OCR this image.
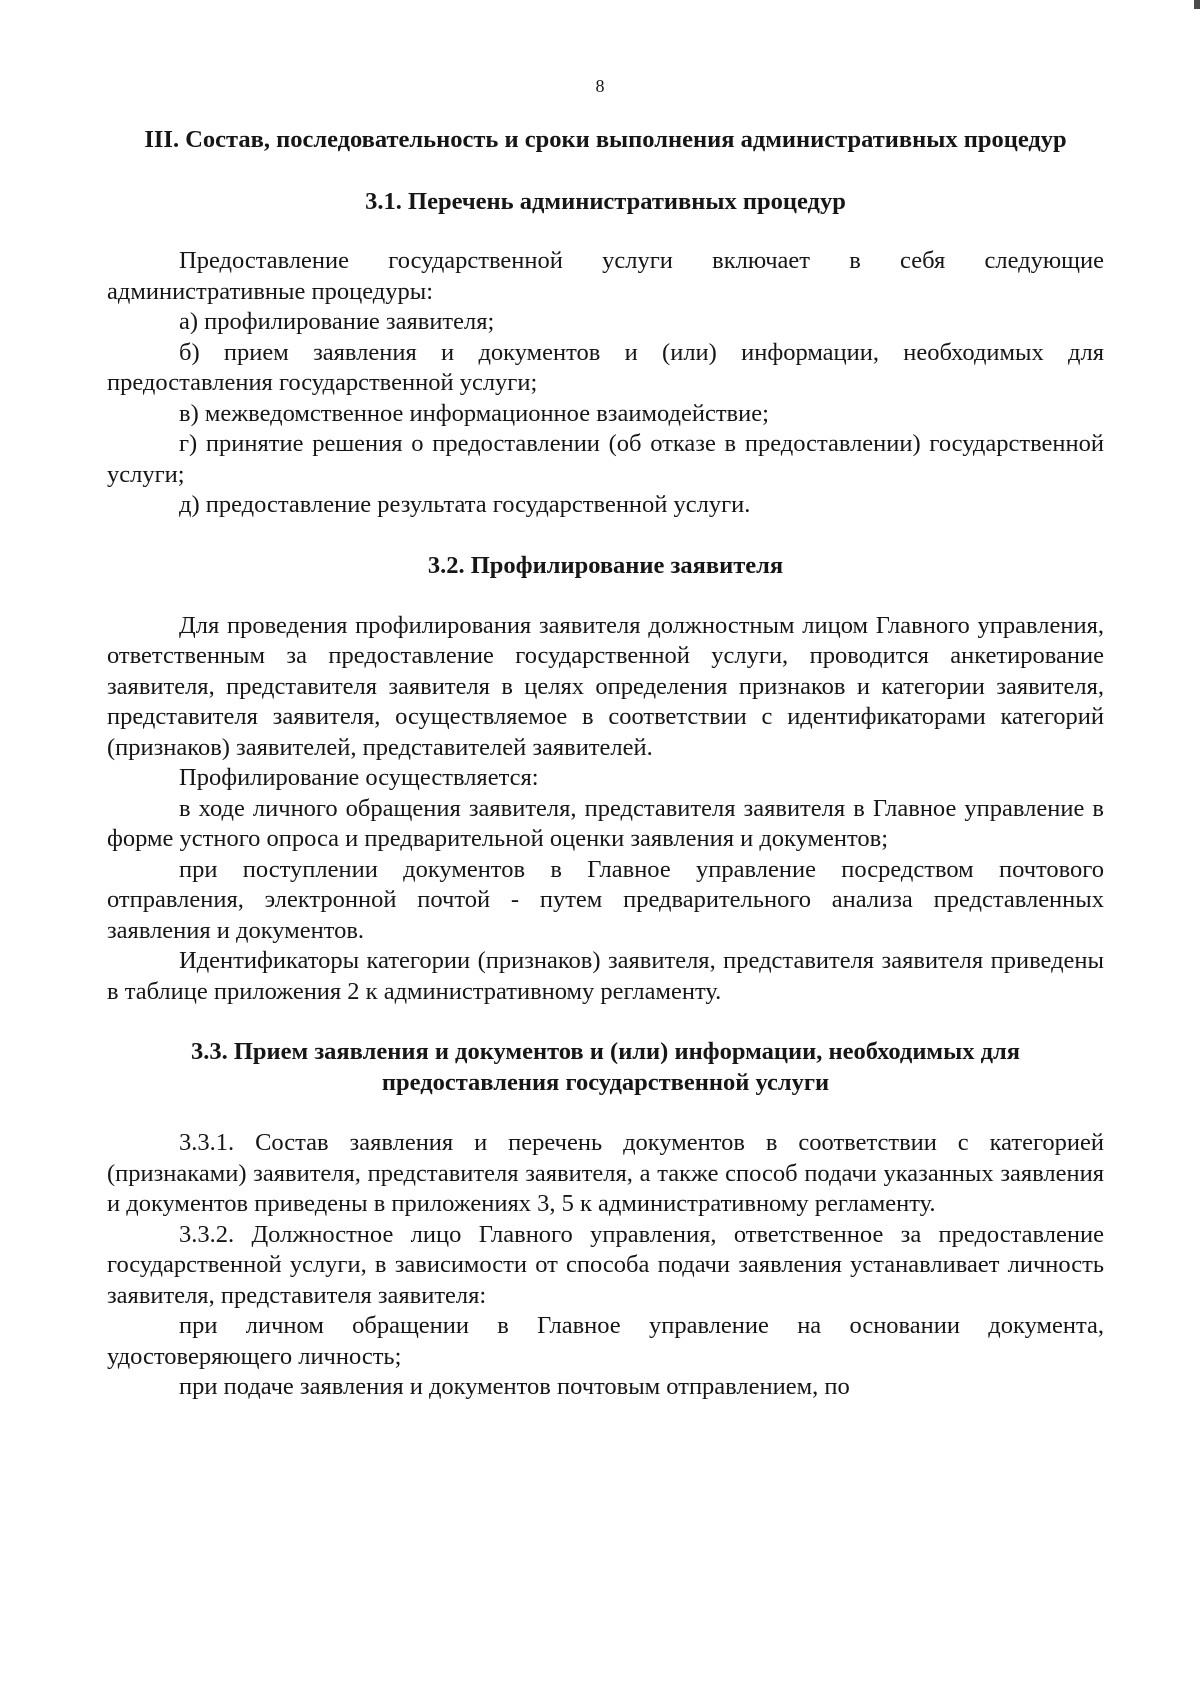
8

III. Состав, последовательность и сроки выполнения административных процедур

3.1. Перечень административных процедур

Предоставление государственной услуги включает в себя следующие административные процедуры:

а) профилирование заявителя;

б) прием заявления и документов и (или) информации, необходимых для предоставления государственной услуги;

в) межведомственное информационное взаимодействие;

г) принятие решения о предоставлении (об отказе в предоставлении) государственной услуги;

д) предоставление результата государственной услуги.

3.2. Профилирование заявителя

Для проведения профилирования заявителя должностным лицом Главного управления, ответственным за предоставление государственной услуги, проводится анкетирование заявителя, представителя заявителя в целях определения признаков и категории заявителя, представителя заявителя, осуществляемое в соответствии с идентификаторами категорий (признаков) заявителей, представителей заявителей.

Профилирование осуществляется:

в ходе личного обращения заявителя, представителя заявителя в Главное управление в форме устного опроса и предварительной оценки заявления и документов;

при поступлении документов в Главное управление посредством почтового отправления, электронной почтой - путем предварительного анализа представленных заявления и документов.

Идентификаторы категории (признаков) заявителя, представителя заявителя приведены в таблице приложения 2 к административному регламенту.

3.3. Прием заявления и документов и (или) информации, необходимых для предоставления государственной услуги

3.3.1. Состав заявления и перечень документов в соответствии с категорией (признаками) заявителя, представителя заявителя, а также способ подачи указанных заявления и документов приведены в приложениях 3, 5 к административному регламенту.

3.3.2. Должностное лицо Главного управления, ответственное за предоставление государственной услуги, в зависимости от способа подачи заявления устанавливает личность заявителя, представителя заявителя:

при личном обращении в Главное управление на основании документа, удостоверяющего личность;

при подаче заявления и документов почтовым отправлением, по
